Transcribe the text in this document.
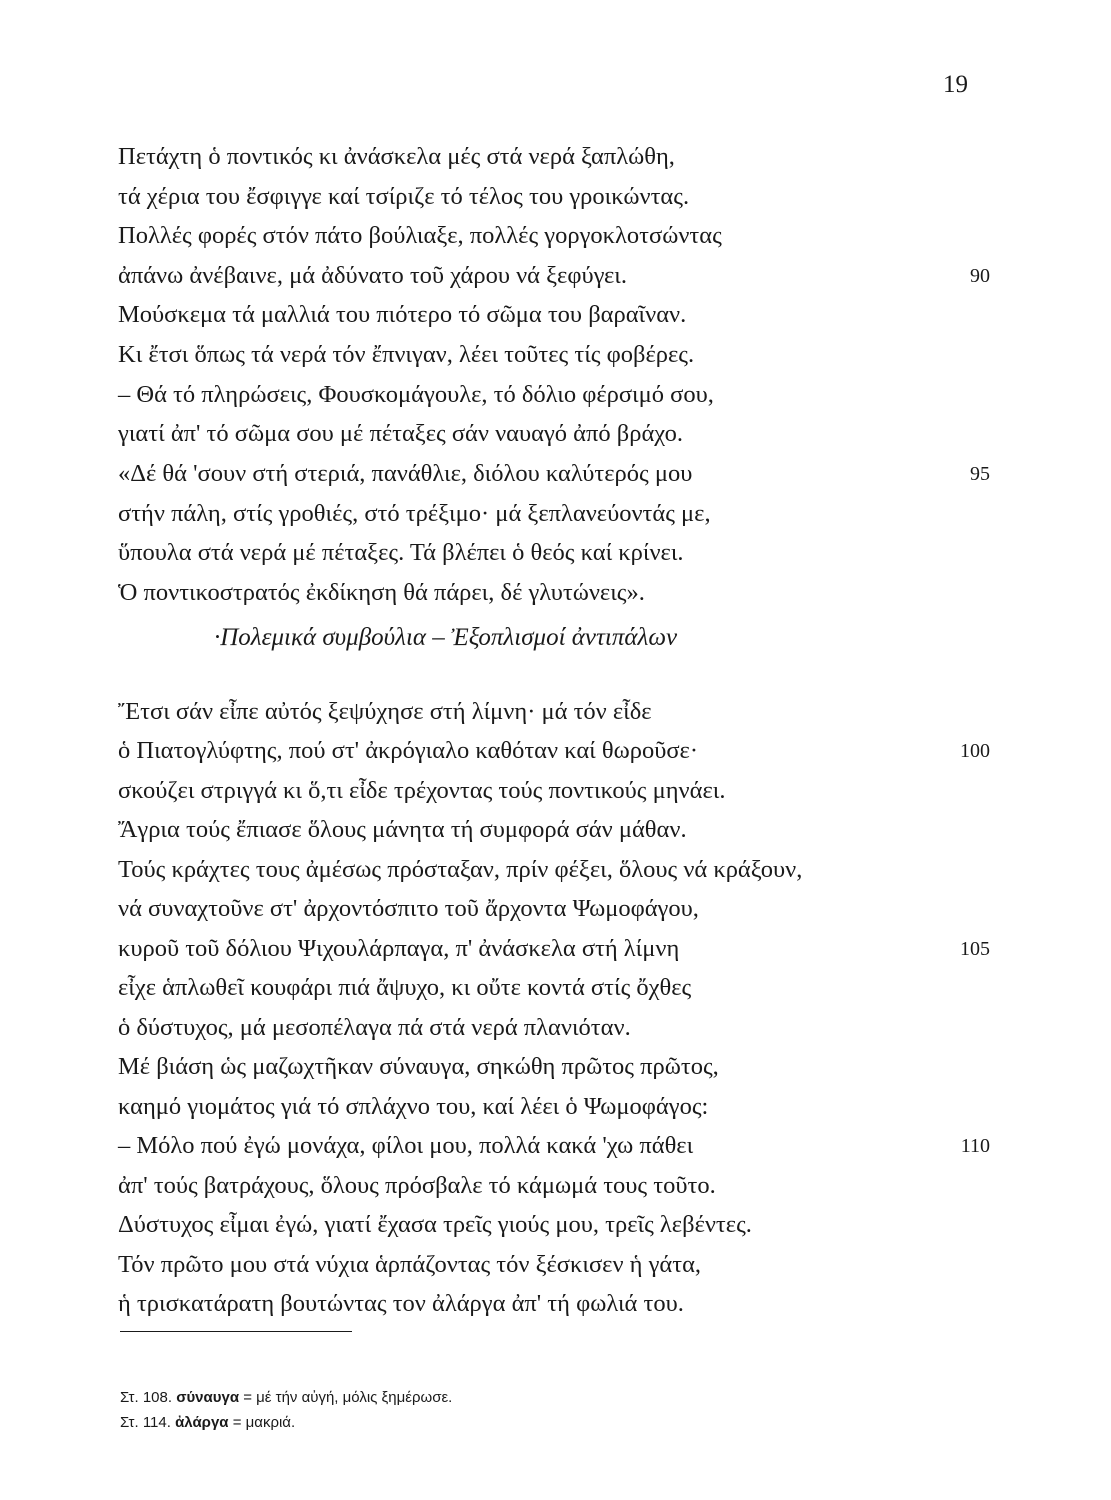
19
Πετάχτη ὁ ποντικός κι ἀνάσκελα μές στά νερά ξαπλώθη,
τά χέρια του ἔσφιγγε καί τσίριζε τό τέλος του γροικώντας.
Πολλές φορές στόν πάτο βούλιαξε, πολλές γοργοκλοτσώντας
ἀπάνω ἀνέβαινε, μά ἀδύνατο τοῦ χάρου νά ξεφύγει.	90
Μούσκεμα τά μαλλιά του πιότερο τό σῶμα του βαραῖναν.
Κι ἔτσι ὅπως τά νερά τόν ἔπνιγαν, λέει τοῦτες τίς φοβέρες.
– Θά τό πληρώσεις, Φουσκομάγουλε, τό δόλιο φέρσιμό σου,
γιατί ἀπ' τό σῶμα σου μέ πέταξες σάν ναυαγό ἀπό βράχο.
«Δέ θά 'σουν στή στεριά, πανάθλιε, διόλου καλύτερός μου	95
στήν πάλη, στίς γροθιές, στό τρέξιμο· μά ξεπλανεύοντάς με,
ὕπουλα στά νερά μέ πέταξες. Τά βλέπει ὁ θεός καί κρίνει.
Ὁ ποντικοστρατός ἐκδίκηση θά πάρει, δέ γλυτώνεις».
·Πολεμικά συμβούλια – Ἐξοπλισμοί ἀντιπάλων
Ἔτσι σάν εἶπε αὐτός ξεψύχησε στή λίμνη· μά τόν εἶδε
ὁ Πιατογλύφτης, πού στ' ἀκρόγιαλο καθόταν καί θωροῦσε·	100
σκούζει στριγγά κι ὅ,τι εἶδε τρέχοντας τούς ποντικούς μηνάει.
Ἄγρια τούς ἔπιασε ὅλους μάνητα τή συμφορά σάν μάθαν.
Τούς κράχτες τους ἀμέσως πρόσταξαν, πρίν φέξει, ὅλους νά κράξουν,
νά συναχτοῦνε στ' ἀρχοντόσπιτο τοῦ ἄρχοντα Ψωμοφάγου,
κυροῦ τοῦ δόλιου Ψιχουλάρπαγα, π' ἀνάσκελα στή λίμνη	105
εἶχε ἁπλωθεῖ κουφάρι πιά ἄψυχο, κι οὔτε κοντά στίς ὄχθες
ὁ δύστυχος, μά μεσοπέλαγα πά στά νερά πλανιόταν.
Μέ βιάση ὡς μαζωχτῆκαν σύναυγα, σηκώθη πρῶτος πρῶτος,
καημό γιομάτος γιά τό σπλάχνο του, καί λέει ὁ Ψωμοφάγος:
– Μόλο πού ἐγώ μονάχα, φίλοι μου, πολλά κακά 'χω πάθει	110
ἀπ' τούς βατράχους, ὅλους πρόσβαλε τό κάμωμά τους τοῦτο.
Δύστυχος εἶμαι ἐγώ, γιατί ἔχασα τρεῖς γιούς μου, τρεῖς λεβέντες.
Τόν πρῶτο μου στά νύχια ἁρπάζοντας τόν ξέσκισεν ἡ γάτα,
ἡ τρισκατάρατη βουτώντας τον ἀλάργα ἀπ' τή φωλιά του.
Στ. 108. σύναυγα = μέ τήν αὐγή, μόλις ξημέρωσε.
Στ. 114. ἀλάργα = μακριά.
